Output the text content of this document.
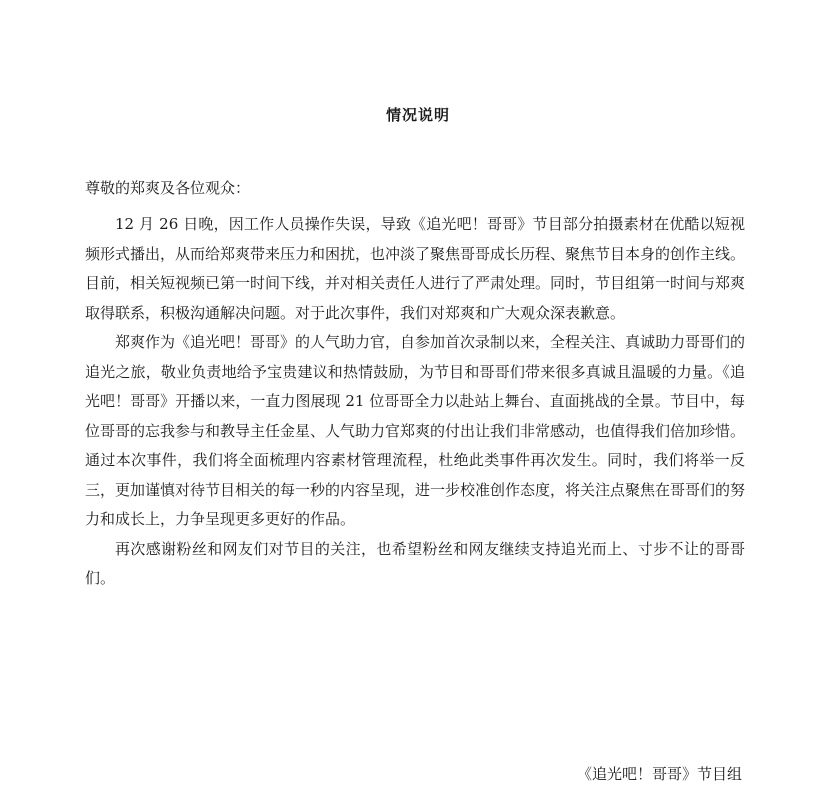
情况说明
尊敬的郑爽及各位观众：

12 月 26 日晚，因工作人员操作失误，导致《追光吧！哥哥》节目部分拍摄素材在优酷以短视频形式播出，从而给郑爽带来压力和困扰，也冲淡了聚焦哥哥成长历程、聚焦节目本身的创作主线。目前，相关短视频已第一时间下线，并对相关责任人进行了严肃处理。同时，节目组第一时间与郑爽取得联系，积极沟通解决问题。对于此次事件，我们对郑爽和广大观众深表歉意。

郑爽作为《追光吧！哥哥》的人气助力官，自参加首次录制以来，全程关注、真诚助力哥哥们的追光之旅，敬业负责地给予宝贵建议和热情鼓励，为节目和哥哥们带来很多真诚且温暖的力量。《追光吧！哥哥》开播以来，一直力图展现 21 位哥哥全力以赴站上舞台、直面挑战的全景。节目中，每位哥哥的忘我参与和教导主任金星、人气助力官郑爽的付出让我们非常感动，也值得我们倍加珍惜。通过本次事件，我们将全面梳理内容素材管理流程，杜绝此类事件再次发生。同时，我们将举一反三，更加谨慎对待节目相关的每一秒的内容呈现，进一步校准创作态度，将关注点聚焦在哥哥们的努力和成长上，力争呈现更多更好的作品。

再次感谢粉丝和网友们对节目的关注，也希望粉丝和网友继续支持追光而上、寸步不让的哥哥们。

《追光吧！哥哥》节目组
